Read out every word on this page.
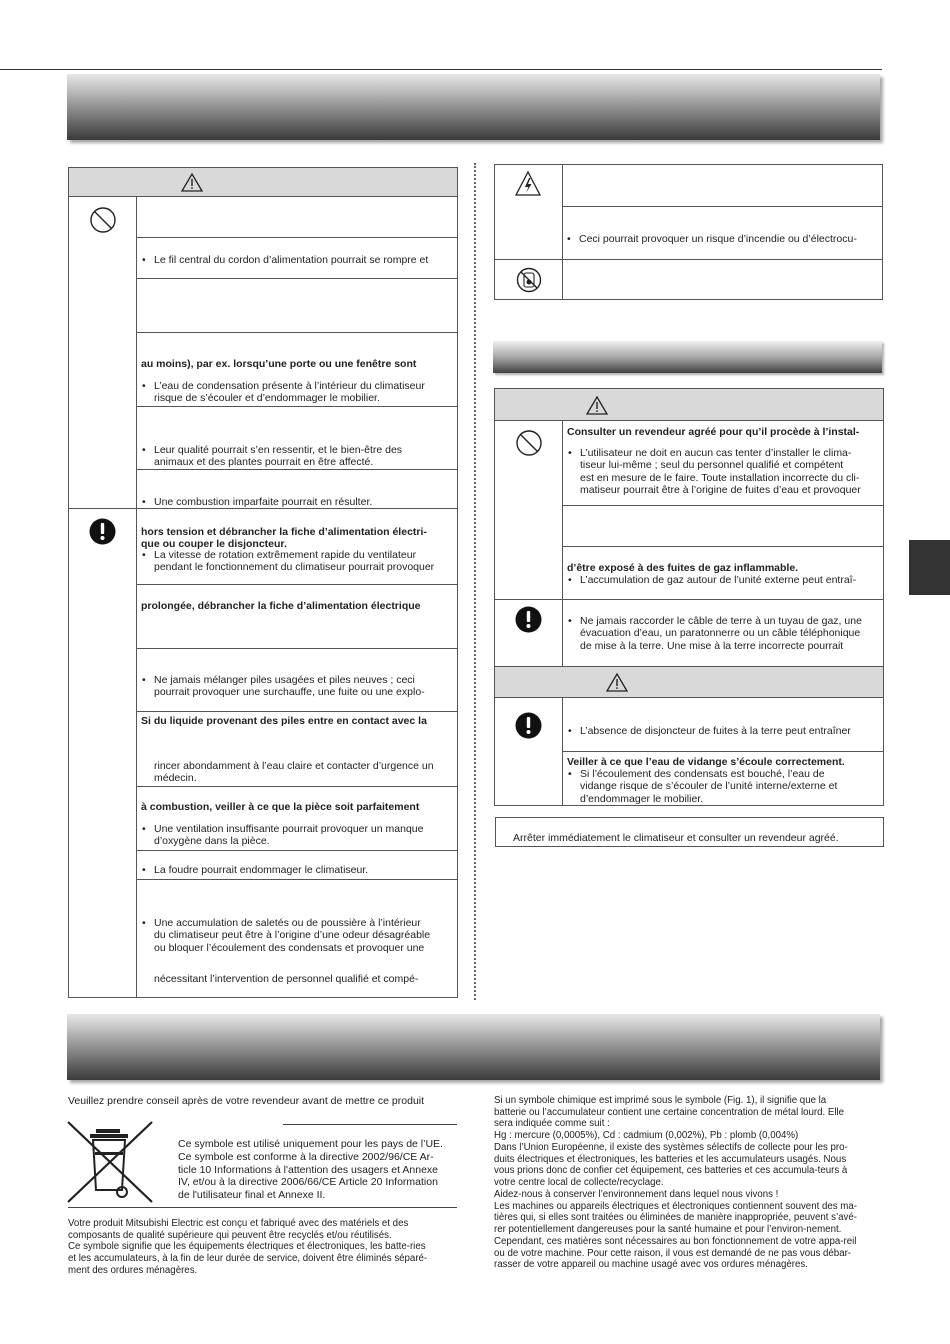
• Le fil central du cordon d’alimentation pourrait se rompre et
au moins), par ex. lorsqu’une porte ou une fenêtre sont
• L’eau de condensation présente à l’intérieur du climatiseur
risque de s’écouler et d’endommager le mobilier.
• Leur qualité pourrait s’en ressentir, et le bien-être des
animaux et des plantes pourrait en être affecté.
• Une combustion imparfaite pourrait en résulter.
hors tension et débrancher la fiche d’alimentation électri-
que ou couper le disjoncteur.
• La vitesse de rotation extrêmement rapide du ventilateur
pendant le fonctionnement du climatiseur pourrait provoquer
prolongée, débrancher la fiche d’alimentation électrique
• Ne jamais mélanger piles usagées et piles neuves ; ceci
pourrait provoquer une surchauffe, une fuite ou une explo-
Si du liquide provenant des piles entre en contact avec la
rincer abondamment à l’eau claire et contacter d’urgence un
médecin.
à combustion, veiller à ce que la pièce soit parfaitement
• Une ventilation insuffisante pourrait provoquer un manque
d’oxygène dans la pièce.
• La foudre pourrait endommager le climatiseur.
• Une accumulation de saletés ou de poussière à l’intérieur
du climatiseur peut être à l’origine d’une odeur désagréable
ou bloquer l’écoulement des condensats et provoquer une
nécessitant l’intervention de personnel qualifié et compé-
• Ceci pourrait provoquer un risque d’incendie ou d’électrocu-
Consulter un revendeur agréé pour qu’il procède à l’instal-
• L’utilisateur ne doit en aucun cas tenter d’installer le clima-
tiseur lui-même ; seul du personnel qualifié et compétent
est en mesure de le faire. Toute installation incorrecte du cli-
matiseur pourrait être à l’origine de fuites d’eau et provoquer
d’être exposé à des fuites de gaz inflammable.
• L’accumulation de gaz autour de l’unité externe peut entraî-
• Ne jamais raccorder le câble de terre à un tuyau de gaz, une
évacuation d’eau, un paratonnerre ou un câble téléphonique
de mise à la terre. Une mise à la terre incorrecte pourrait
• L’absence de disjoncteur de fuites à la terre peut entraîner
Veiller à ce que l’eau de vidange s’écoule correctement.
• Si l’écoulement des condensats est bouché, l’eau de
vidange risque de s’écouler de l’unité interne/externe et
d’endommager le mobilier.
Arrêter immédiatement le climatiseur et consulter un revendeur agréé.
Veuillez prendre conseil après de votre revendeur avant de mettre ce produit
Ce symbole est utilisé uniquement pour les pays de l’UE.
Ce symbole est conforme à la directive 2002/96/CE Ar-
ticle 10 Informations à l'attention des usagers et Annexe
IV, et/ou à la directive 2006/66/CE Article 20 Information
de l'utilisateur final et Annexe II.
Votre produit Mitsubishi Electric est conçu et fabriqué avec des matériels et des
composants de qualité supérieure qui peuvent être recyclés et/ou réutilisés.
Ce symbole signifie que les équipements électriques et électroniques, les batte-ries
et les accumulateurs, à la fin de leur durée de service, doivent être éliminés séparé-
ment des ordures ménagères.
Si un symbole chimique est imprimé sous le symbole (Fig. 1), il signifie que la
batterie ou l’accumulateur contient une certaine concentration de métal lourd. Elle
sera indiquée comme suit :
Hg : mercure (0,0005%), Cd : cadmium (0,002%), Pb : plomb (0,004%)
Dans l’Union Européenne, il existe des systèmes sélectifs de collecte pour les pro-
duits électriques et électroniques, les batteries et les accumulateurs usagés. Nous
vous prions donc de confier cet équipement, ces batteries et ces accumula-teurs à
votre centre local de collecte/recyclage.
Aidez-nous à conserver l’environnement dans lequel nous vivons !
Les machines ou appareils électriques et électroniques contiennent souvent des ma-
tières qui, si elles sont traitées ou éliminées de manière inappropriée, peuvent s’avé-
rer potentiellement dangereuses pour la santé humaine et pour l’environ-nement.
Cependant, ces matières sont nécessaires au bon fonctionnement de votre appa-reil
ou de votre machine. Pour cette raison, il vous est demandé de ne pas vous débar-
rasser de votre appareil ou machine usagé avec vos ordures ménagères.
